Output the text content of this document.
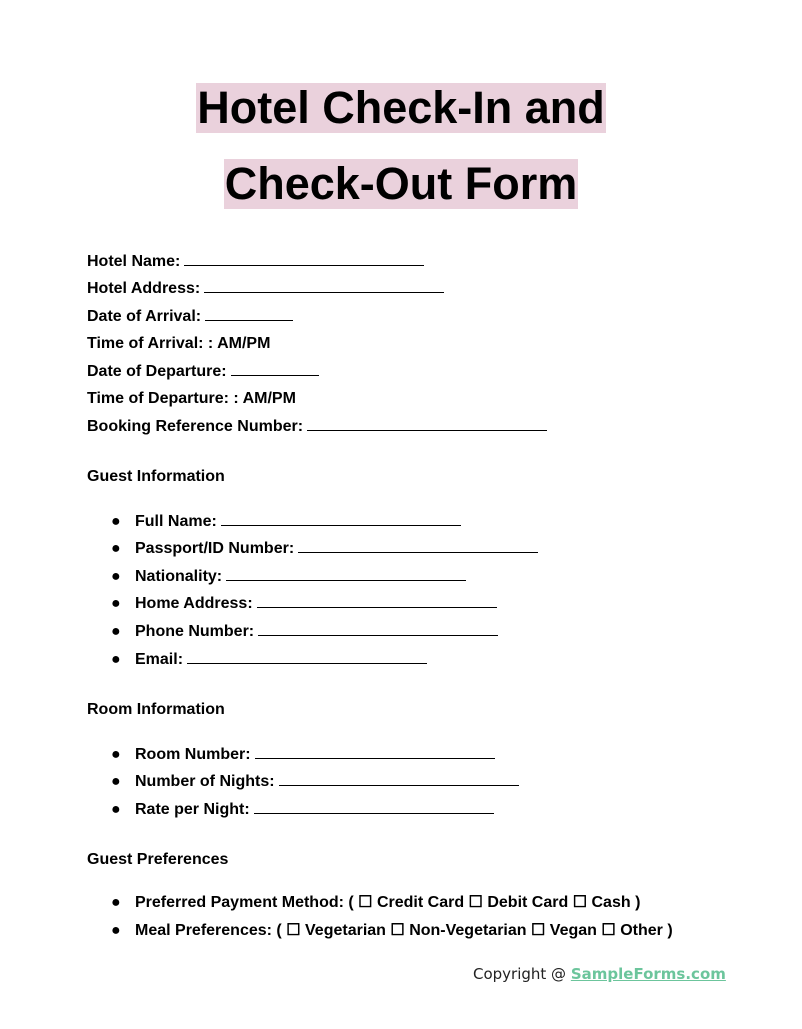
Hotel Check-In and
Check-Out Form
Hotel Name:
Hotel Address:
Date of Arrival:
Time of Arrival: : AM/PM
Date of Departure:
Time of Departure: : AM/PM
Booking Reference Number:
Guest Information
● Full Name:
● Passport/ID Number:
● Nationality:
● Home Address:
● Phone Number:
● Email:
Room Information
● Room Number:
● Number of Nights:
● Rate per Night:
Guest Preferences
● Preferred Payment Method: ( ☐ Credit Card ☐ Debit Card ☐ Cash )
● Meal Preferences: ( ☐ Vegetarian ☐ Non-Vegetarian ☐ Vegan ☐ Other )
Copyright @ SampleForms.com
